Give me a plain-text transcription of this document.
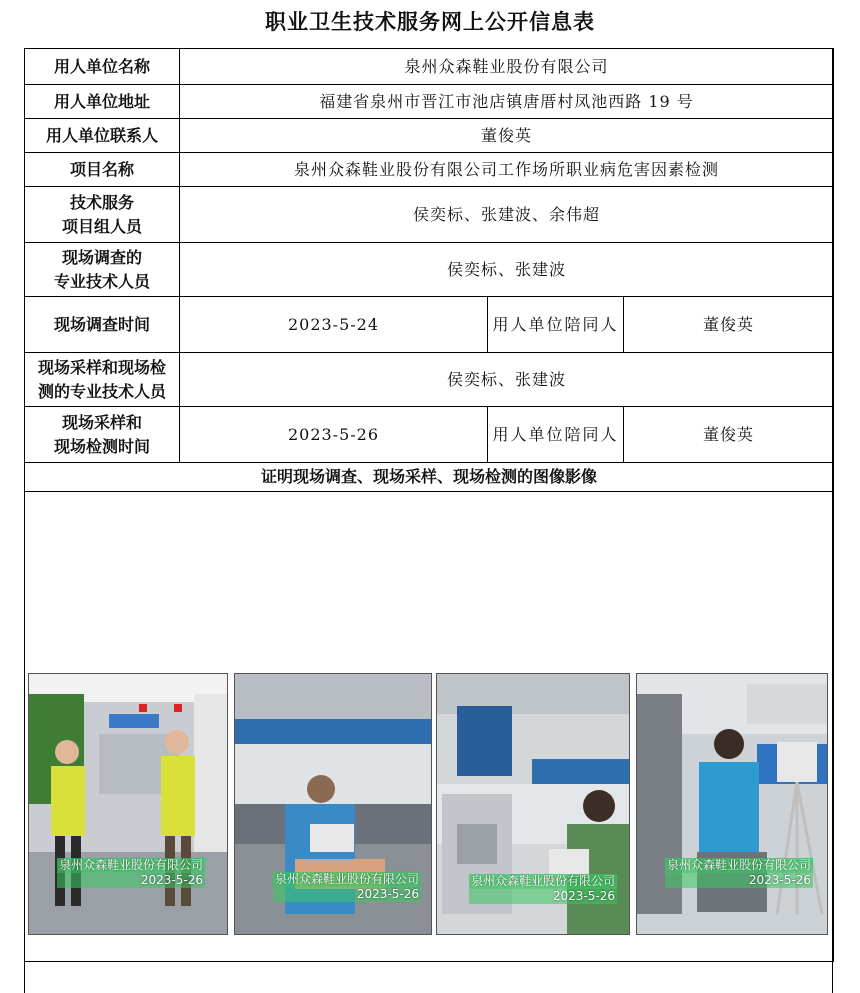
职业卫生技术服务网上公开信息表
用人单位名称	泉州众森鞋业股份有限公司		
用人单位地址	福建省泉州市晋江市池店镇唐厝村凤池西路 19 号		
用人单位联系人	董俊英		
项目名称	泉州众森鞋业股份有限公司工作场所职业病危害因素检测		

技术服务
项目组人员	侯奕标、张建波、余伟超		

现场调查的
专业技术人员	侯奕标、张建波		
现场调查时间	2023-5-24	用人单位陪同人	董俊英

现场采样和现场检
测的专业技术人员	侯奕标、张建波		

现场采样和
现场检测时间	2023-5-26	用人单位陪同人	董俊英
证明现场调查、现场采样、现场检测的图像影像			

泉州众森鞋业股份有限公司
2023-5-26	泉州众森鞋业股份有限公司
2023-5-26
泉州众森鞋业股份有限公司
2023-5-26
泉州众森鞋业股份有限公司
2023-5-26
